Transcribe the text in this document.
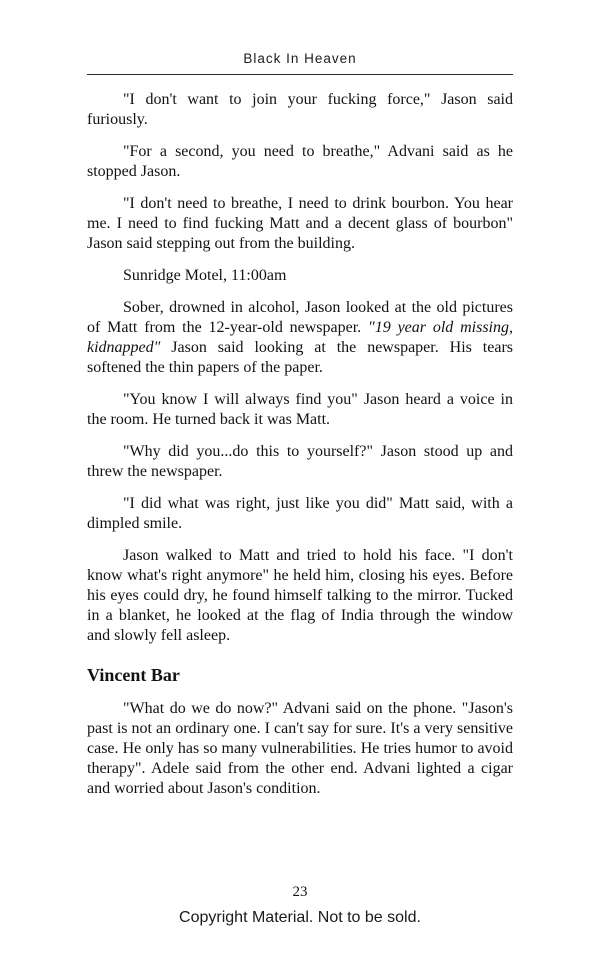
Black In Heaven

"I don't want to join your fucking force," Jason said furiously.

"For a second, you need to breathe," Advani said as he stopped Jason.

"I don't need to breathe, I need to drink bourbon. You hear me. I need to find fucking Matt and a decent glass of bourbon" Jason said stepping out from the building.

Sunridge Motel, 11:00am

Sober, drowned in alcohol, Jason looked at the old pictures of Matt from the 12-year-old newspaper. "19 year old missing, kidnapped" Jason said looking at the newspaper. His tears softened the thin papers of the paper.

"You know I will always find you" Jason heard a voice in the room. He turned back it was Matt.

"Why did you...do this to yourself?" Jason stood up and threw the newspaper.

"I did what was right, just like you did" Matt said, with a dimpled smile.

Jason walked to Matt and tried to hold his face. "I don't know what's right anymore" he held him, closing his eyes. Before his eyes could dry, he found himself talking to the mirror. Tucked in a blanket, he looked at the flag of India through the window and slowly fell asleep.

Vincent Bar

"What do we do now?" Advani said on the phone. "Jason's past is not an ordinary one. I can't say for sure. It's a very sensitive case. He only has so many vulnerabilities. He tries humor to avoid therapy". Adele said from the other end. Advani lighted a cigar and worried about Jason's condition.

23
Copyright Material. Not to be sold.
